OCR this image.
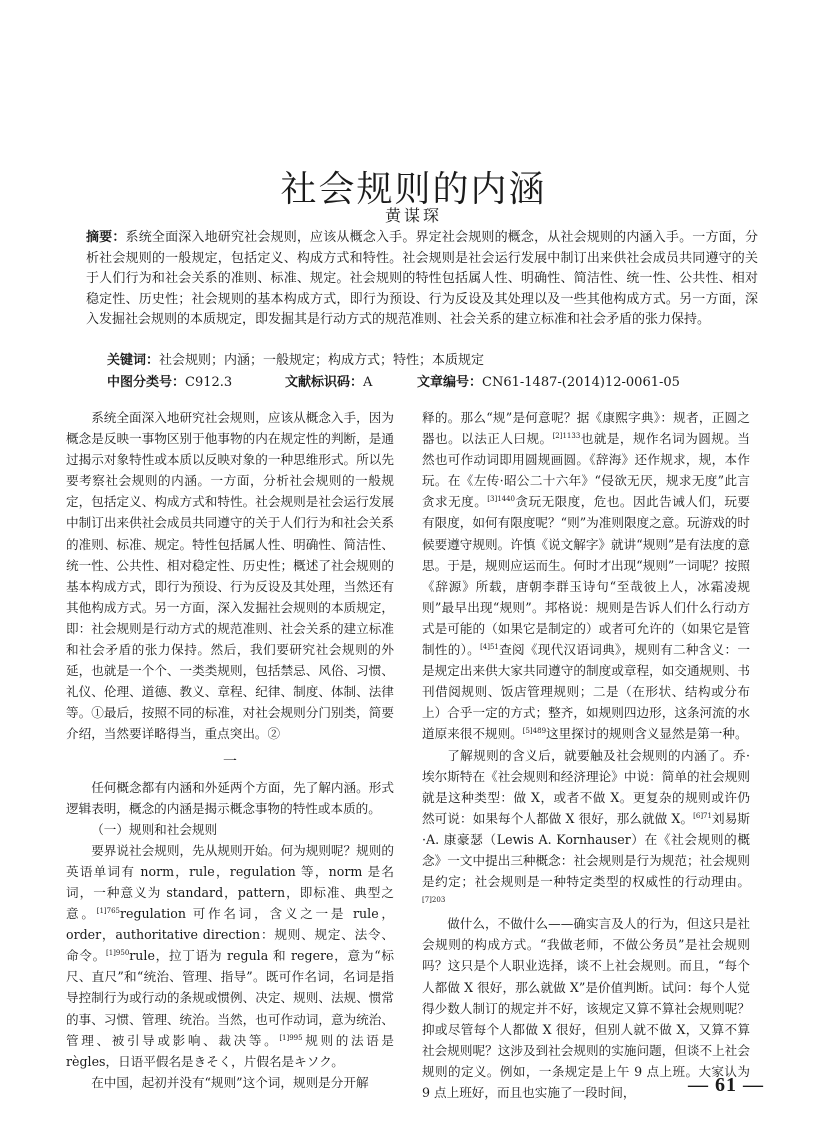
社会规则的内涵
黄谋琛
摘要：系统全面深入地研究社会规则，应该从概念入手。界定社会规则的概念，从社会规则的内涵入手。一方面，分析社会规则的一般规定，包括定义、构成方式和特性。社会规则是社会运行发展中制订出来供社会成员共同遵守的关于人们行为和社会关系的准则、标准、规定。社会规则的特性包括属人性、明确性、简洁性、统一性、公共性、相对稳定性、历史性；社会规则的基本构成方式，即行为预设、行为反设及其处理以及一些其他构成方式。另一方面，深入发掘社会规则的本质规定，即发掘其是行动方式的规范准则、社会关系的建立标准和社会矛盾的张力保持。
关键词：社会规则；内涵；一般规定；构成方式；特性；本质规定
中图分类号：C912.3	文献标识码：A	文章编号：CN61-1487-(2014)12-0061-05

系统全面深入地研究社会规则，应该从概念入手，因为概念是反映一事物区别于他事物的内在规定性的判断，是通过揭示对象特性或本质以反映对象的一种思维形式。所以先要考察社会规则的内涵。一方面，分析社会规则的一般规定，包括定义、构成方式和特性。社会规则是社会运行发展中制订出来供社会成员共同遵守的关于人们行为和社会关系的准则、标准、规定。特性包括属人性、明确性、简洁性、统一性、公共性、相对稳定性、历史性；概述了社会规则的基本构成方式，即行为预设、行为反设及其处理，当然还有其他构成方式。另一方面，深入发掘社会规则的本质规定，即：社会规则是行动方式的规范准则、社会关系的建立标准和社会矛盾的张力保持。然后，我们要研究社会规则的外延，也就是一个个、一类类规则，包括禁忌、风俗、习惯、礼仪、伦理、道德、教义、章程、纪律、制度、体制、法律等。①最后，按照不同的标准，对社会规则分门别类，简要介绍，当然要详略得当，重点突出。②

一

任何概念都有内涵和外延两个方面，先了解内涵。形式逻辑表明，概念的内涵是揭示概念事物的特性或本质的。

（一）规则和社会规则

要界说社会规则，先从规则开始。何为规则呢？规则的英语单词有 norm，rule，regulation 等，norm 是名词，一种意义为 standard，pattern，即标准、典型之意。$^{[1]765}$regulation 可作名词，含义之一是 rule，order，authoritative direction：规则、规定、法令、命令。$^{[1]950}$rule，拉丁语为 regula 和 regere，意为“标尺、直尺”和“统治、管理、指导”。既可作名词，名词是指导控制行为或行动的条规或惯例、决定、规则、法规、惯常的事、习惯、管理、统治。当然，也可作动词，意为统治、管理、被引导或影响、裁决等。$^{[1]995}$规则的法语是 règles，日语平假名是きそく，片假名是キソク。

在中国，起初并没有“规则”这个词，规则是分开解

释的。那么“规”是何意呢？据《康熙字典》：规者，正圆之器也。以法正人曰规。$^{[2]1133}$也就是，规作名词为圆规。当然也可作动词即用圆规画圆。《辞海》还作规求，规，本作玩。在《左传·昭公二十六年》“侵欲无厌，规求无度”此言贪求无度。$^{[3]1440}$贪玩无限度，危也。因此告诫人们，玩要有限度，如何有限度呢？“则”为准则限度之意。玩游戏的时候要遵守规则。许慎《说文解字》就讲“规则”是有法度的意思。于是，规则应运而生。何时才出现“规则”一词呢？按照《辞源》所载，唐朝李群玉诗句“至哉彼上人，冰霜凌规则”最早出现“规则”。邦格说：规则是告诉人们什么行动方式是可能的（如果它是制定的）或者可允许的（如果它是管制性的）。$^{[4]51}$查阅《现代汉语词典》，规则有二种含义：一是规定出来供大家共同遵守的制度或章程，如交通规则、书刊借阅规则、饭店管理规则；二是（在形状、结构或分布上）合乎一定的方式；整齐，如规则四边形，这条河流的水道原来很不规则。$^{[5]489}$这里探讨的规则含义显然是第一种。

了解规则的含义后，就要触及社会规则的内涵了。乔·埃尔斯特在《社会规则和经济理论》中说：简单的社会规则就是这种类型：做 X，或者不做 X。更复杂的规则或许仍然可说：如果每个人都做 X 很好，那么就做 X。$^{[6]71}$刘易斯·A. 康豪瑟（Lewis A. Kornhauser）在《社会规则的概念》一文中提出三种概念：社会规则是行为规范；社会规则是约定；社会规则是一种特定类型的权威性的行动理由。$^{[7]203}$

做什么，不做什么——确实言及人的行为，但这只是社会规则的构成方式。“我做老师，不做公务员”是社会规则吗？这只是个人职业选择，谈不上社会规则。而且，“每个人都做 X 很好，那么就做 X”是价值判断。试问：每个人觉得少数人制订的规定并不好，该规定又算不算社会规则呢？抑或尽管每个人都做 X 很好，但别人就不做 X，又算不算社会规则呢？这涉及到社会规则的实施问题，但谈不上社会规则的定义。例如，一条规定是上午 9 点上班。大家认为 9 点上班好，而且也实施了一段时间，	— 61 —
